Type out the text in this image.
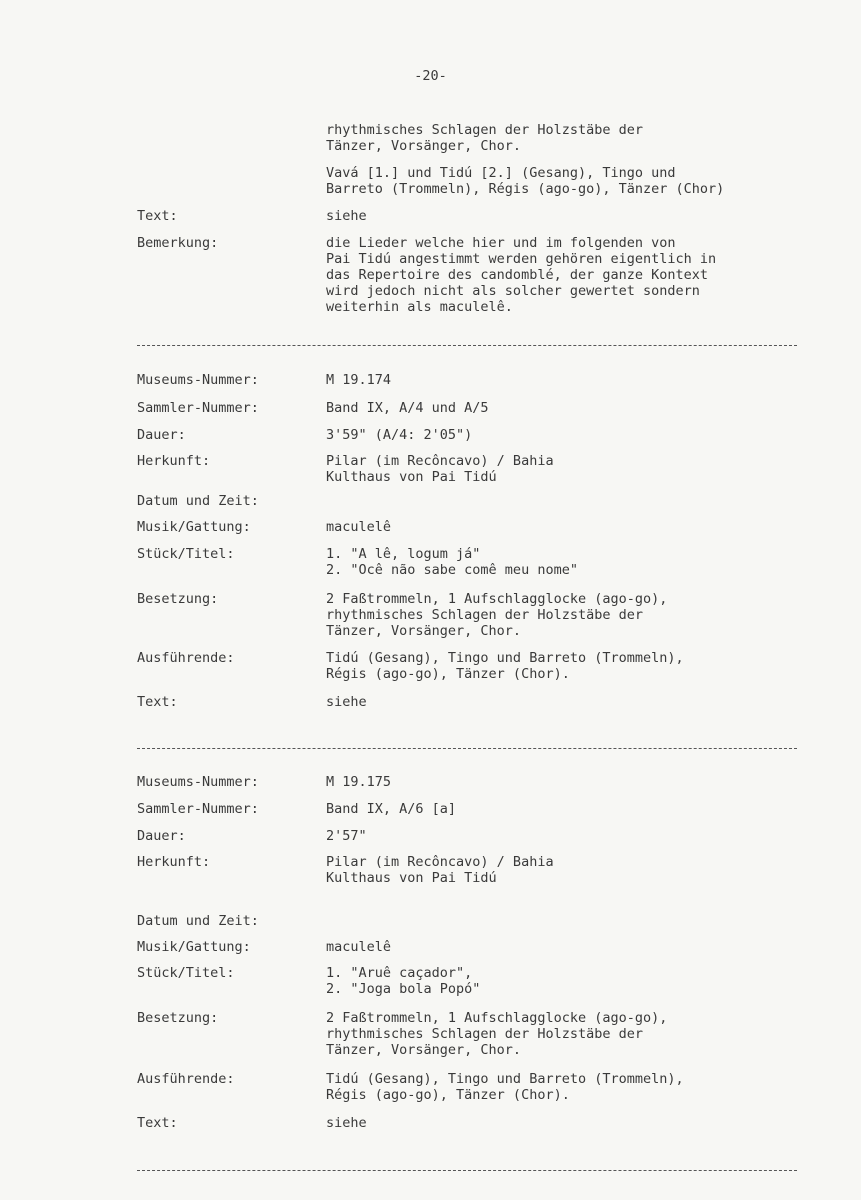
-20-
rhythmisches Schlagen der Holzstäbe der
Tänzer, Vorsänger, Chor.
Vavá [1.] und Tidú [2.] (Gesang), Tingo und
Barreto (Trommeln), Régis (ago-go), Tänzer (Chor)
Text:	siehe
Bemerkung:	die Lieder welche hier und im folgenden von
Pai Tidú angestimmt werden gehören eigentlich in
das Repertoire des candomblé, der ganze Kontext
wird jedoch nicht als solcher gewertet sondern
weiterhin als maculelê.
Museums-Nummer:	M 19.174
Sammler-Nummer:	Band IX, A/4 und A/5
Dauer:	3'59" (A/4: 2'05")
Herkunft:	Pilar (im Recôncavo) / Bahia
Kulthaus von Pai Tidú
Datum und Zeit:
Musik/Gattung:	maculelê
Stück/Titel:	1. "A lê, logum já"
2. "Ocê não sabe comê meu nome"
Besetzung:	2 Faßtrommeln, 1 Aufschlagglocke (ago-go),
rhythmisches Schlagen der Holzstäbe der
Tänzer, Vorsänger, Chor.
Ausführende:	Tidú (Gesang), Tingo und Barreto (Trommeln),
Régis (ago-go), Tänzer (Chor).
Text:	siehe
Museums-Nummer:	M 19.175
Sammler-Nummer:	Band IX, A/6 [a]
Dauer:	2'57"
Herkunft:	Pilar (im Recôncavo) / Bahia
Kulthaus von Pai Tidú
Datum und Zeit:
Musik/Gattung:	maculelê
Stück/Titel:	1. "Aruê caçador",
2. "Joga bola Popó"
Besetzung:	2 Faßtrommeln, 1 Aufschlagglocke (ago-go),
rhythmisches Schlagen der Holzstäbe der
Tänzer, Vorsänger, Chor.
Ausführende:	Tidú (Gesang), Tingo und Barreto (Trommeln),
Régis (ago-go), Tänzer (Chor).
Text:	siehe
